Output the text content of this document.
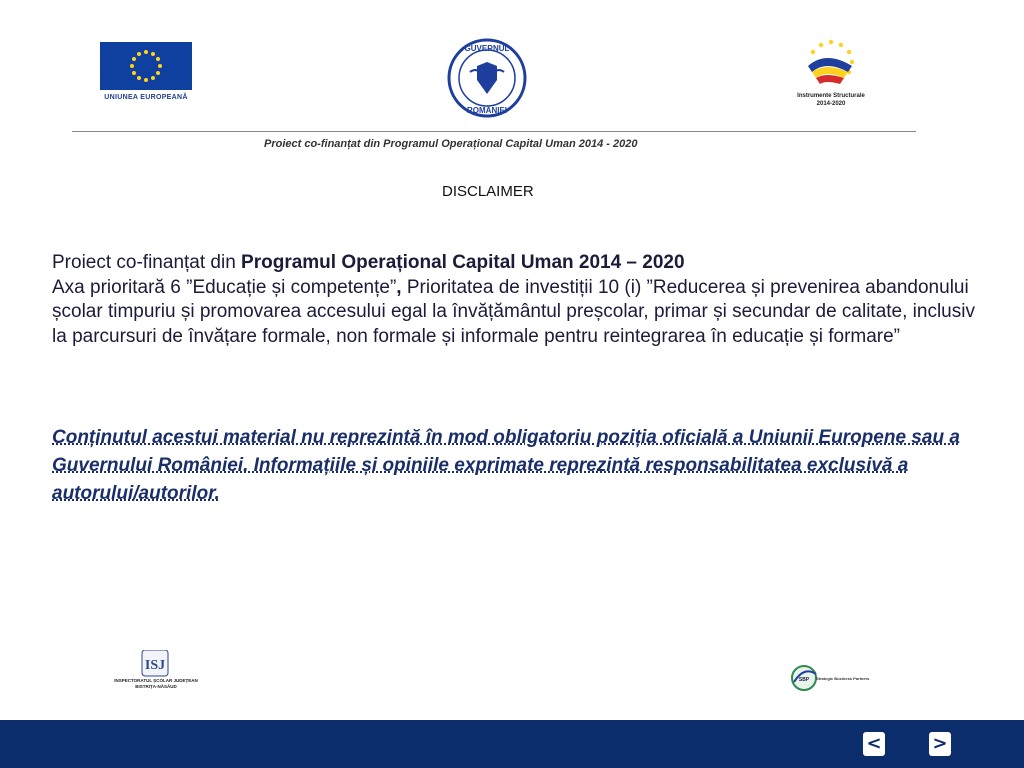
UNIUNEA EUROPEANĂ
GUVERNUL
ROMÂNIEI
Instrumente Structurale
2014-2020
Proiect co-finanțat din Programul Operațional Capital Uman 2014 - 2020
DISCLAIMER
Proiect co-finanțat din Programul Operațional Capital Uman 2014 – 2020
Axa prioritară 6 ”Educație și competențe”, Prioritatea de investiții 10 (i) ”Reducerea și prevenirea abandonului școlar timpuriu și promovarea accesului egal la învățământul preșcolar, primar și secundar de calitate, inclusiv la parcursuri de învățare formale, non formale și informale pentru reintegrarea în educație și formare”
Conținutul acestui material nu reprezintă în mod obligatoriu poziția oficială a Uniunii Europene sau a Guvernului României. Informațiile și opiniile exprimate reprezintă responsabilitatea exclusivă a autorului/autorilor.
ISJ
INSPECTORATUL ȘCOLAR JUDEȚEAN BISTRIȚA-NĂSĂUD
SBP Strategic Business Partners
<	>
